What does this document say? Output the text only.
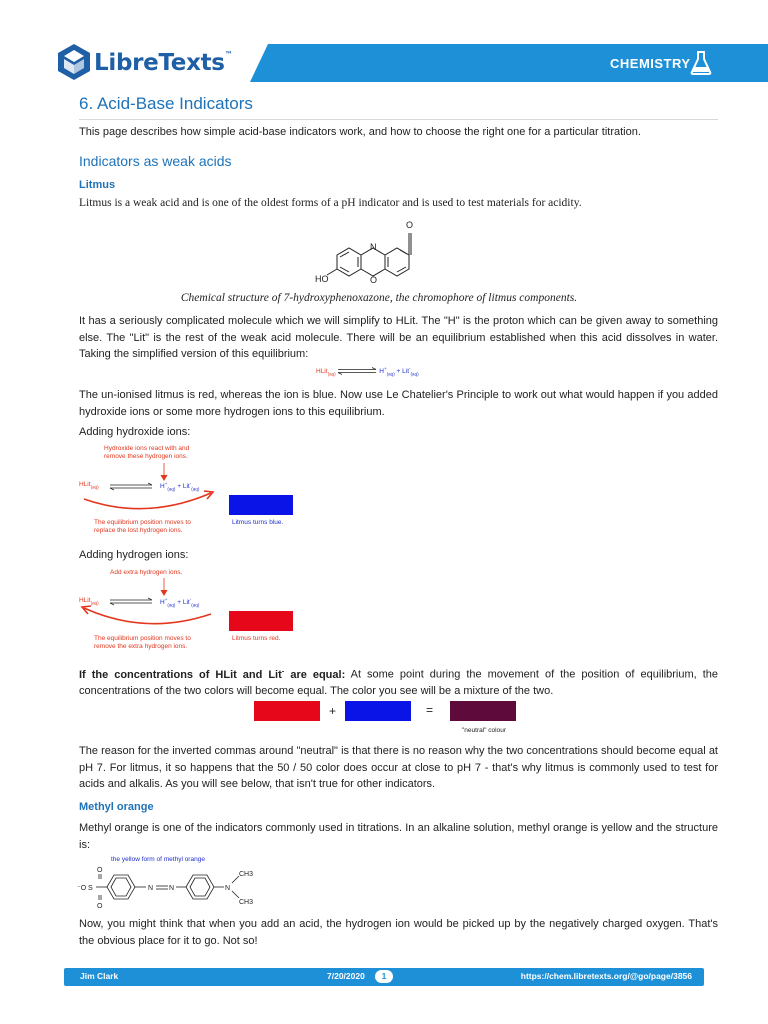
LibreTexts™
CHEMISTRY
6. Acid-Base Indicators

This page describes how simple acid-base indicators work, and how to choose the right one for a particular titration.

Indicators as weak acids
Litmus

Litmus is a weak acid and is one of the oldest forms of a pH indicator and is used to test materials for acidity.

N
O
O
HO

Chemical structure of 7-hydroxyphenoxazone, the chromophore of litmus components.

It has a seriously complicated molecule which we will simplify to HLit. The "H" is the proton which can be given away to something else. The "Lit" is the rest of the weak acid molecule. There will be an equilibrium established when this acid dissolves in water. Taking the simplified version of this equilibrium:

HLit$_{(aq)}$	$H^+_{(aq)} + Lit^-_{(aq)}$

The un-ionised litmus is red, whereas the ion is blue. Now use Le Chatelier's Principle to work out what would happen if you added hydroxide ions or some more hydrogen ions to this equilibrium.

Adding hydroxide ions:

Hydroxide ions react with and
remove these hydrogen ions.
HLit$_{(aq)}$	$H^+_{(aq)} + Lit^-_{(aq)}$
The equilibrium position moves to
replace the lost hydrogen ions.
Litmus turns blue.

Adding hydrogen ions:

Add extra hydrogen ions.
HLit$_{(aq)}$	$H^+_{(aq)} + Lit^-_{(aq)}$
The equilibrium position moves to
remove the extra hydrogen ions.
Litmus turns red.

If the concentrations of HLit and Lit- are equal: At some point during the movement of the position of equilibrium, the concentrations of the two colors will become equal. The color you see will be a mixture of the two.

+	=
"neutral" colour

The reason for the inverted commas around "neutral" is that there is no reason why the two concentrations should become equal at pH 7. For litmus, it so happens that the 50 / 50 color does occur at close to pH 7 - that's why litmus is commonly used to test for acids and alkalis. As you will see below, that isn't true for other indicators.

Methyl orange

Methyl orange is one of the indicators commonly used in titrations. In an alkaline solution, methyl orange is yellow and the structure is:

the yellow form of methyl orange
⁻O S
O
O
N N	N
CH3
CH3

Now, you might think that when you add an acid, the hydrogen ion would be picked up by the negatively charged oxygen. That's the obvious place for it to go. Not so!

Jim Clark	7/20/2020	1	https://chem.libretexts.org/@go/page/3856
